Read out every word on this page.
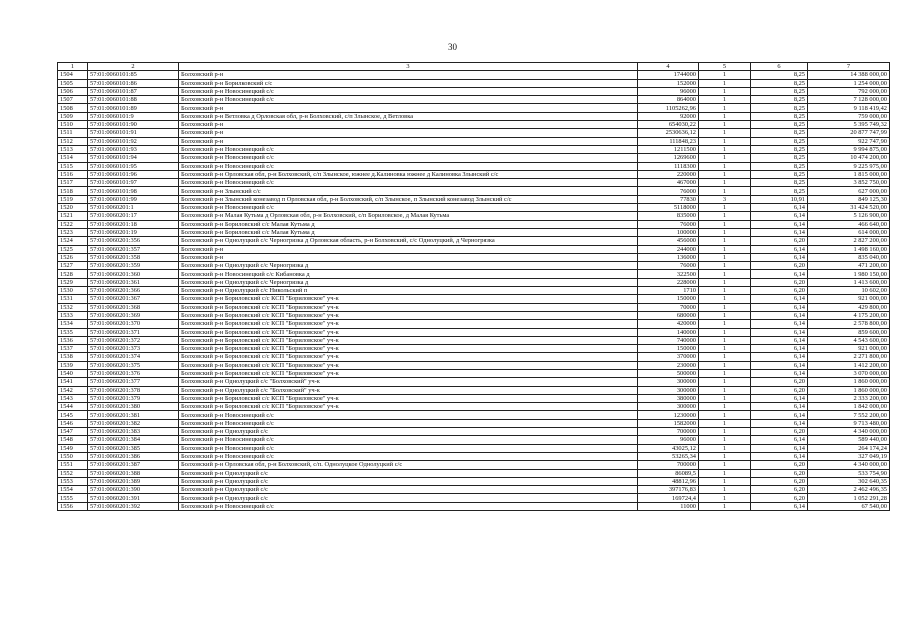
30
1	2	3	4	5	6	7
1504	57:01:0060101:85	Болховский р-н	1744000	1	8,25	14 388 000,00
1505	57:01:0060101:86	Болховский р-н Борилковский с/с	152000	1	8,25	1 254 000,00
1506	57:01:0060101:87	Болховский р-н Новосинецкий с/с	96000	1	8,25	792 000,00
1507	57:01:0060101:88	Болховский р-н Новосинецкий с/с	864000	1	8,25	7 128 000,00
1508	57:01:0060101:89	Болховский р-н	1105262,96	1	8,25	9 118 419,42
1509	57:01:0060101:9	Болховский р-н Ветловка д Орловская обл, р-н Болховский, с/п Злынское, д Ветловка	92000	1	8,25	759 000,00
1510	57:01:0060101:90	Болховский р-н	654030,22	1	8,25	5 395 749,32
1511	57:01:0060101:91	Болховский р-н	2530636,12	1	8,25	20 877 747,99
1512	57:01:0060101:92	Болховский р-н	111848,23	1	8,25	922 747,90
1513	57:01:0060101:93	Болховский р-н Новосинецкий с/с	1211500	1	8,25	9 994 875,00
1514	57:01:0060101:94	Болховский р-н Новосинецкий с/с	1269600	1	8,25	10 474 200,00
1515	57:01:0060101:95	Болховский р-н Новосинецкий с/с	1118300	1	8,25	9 225 975,00
1516	57:01:0060101:96	Болховский р-н Орловская обл, р-н Болховский, с/п Злынское, южнее д.Калиновка южнее д Калиновка Злынский с/с	220000	1	8,25	1 815 000,00
1517	57:01:0060101:97	Болховский р-н Новосинецкий с/с	467000	1	8,25	3 852 750,00
1518	57:01:0060101:98	Болховский р-н Злынский с/с	76000	1	8,25	627 000,00
1519	57:01:0060101:99	Болховский р-н Злынский конезавод п Орловская обл, р-н Болховский, с/п Злынское, п Злынский конезавод Злынский с/с	77830	3	10,91	849 125,30
1520	57:01:0060201:1	Болховский р-н Новосинецкий с/с	5118000	1	6,14	31 424 520,00
1521	57:01:0060201:17	Болховский р-н Малая Кутьма д Орловская обл, р-н Болховский, с/п Бориловское, д Малая Кутьма	835000	1	6,14	5 126 900,00
1522	57:01:0060201:18	Болховский р-н Бориловский с/с Малая Кутьма д	76000	1	6,14	466 640,00
1523	57:01:0060201:19	Болховский р-н Бориловский с/с Малая Кутьма д	100000	1	6,14	614 000,00
1524	57:01:0060201:356	Болховский р-н Однолуцкий с/с Черногрязка д Орловская область, р-н Болховский, с/с Однолуцкий, д Черногрязка	456000	1	6,20	2 827 200,00
1525	57:01:0060201:357	Болховский р-н	244000	1	6,14	1 498 160,00
1526	57:01:0060201:358	Болховский р-н	136000	1	6,14	835 040,00
1527	57:01:0060201:359	Болховский р-н Однолуцкий с/с Черногрязка д	76000	1	6,20	471 200,00
1528	57:01:0060201:360	Болховский р-н Новосинецкий с/с Кибановка д	322500	1	6,14	1 980 150,00
1529	57:01:0060201:361	Болховский р-н Однолуцкий с/с Черногрязка д	228000	1	6,20	1 413 600,00
1530	57:01:0060201:366	Болховский р-н Однолуцкий с/с Никольский п	1710	1	6,20	10 602,00
1531	57:01:0060201:367	Болховский р-н Бориловский с/с КСП "Бориловское" уч-к	150000	1	6,14	921 000,00
1532	57:01:0060201:368	Болховский р-н Бориловский с/с КСП "Бориловское" уч-к	70000	1	6,14	429 800,00
1533	57:01:0060201:369	Болховский р-н Бориловский с/с КСП "Бориловское" уч-к	680000	1	6,14	4 175 200,00
1534	57:01:0060201:370	Болховский р-н Бориловский с/с КСП "Бориловское" уч-к	420000	1	6,14	2 578 800,00
1535	57:01:0060201:371	Болховский р-н Бориловский с/с КСП "Бориловское" уч-к	140000	1	6,14	859 600,00
1536	57:01:0060201:372	Болховский р-н Бориловский с/с КСП "Бориловское" уч-к	740000	1	6,14	4 543 600,00
1537	57:01:0060201:373	Болховский р-н Бориловский с/с КСП "Бориловское" уч-к	150000	1	6,14	921 000,00
1538	57:01:0060201:374	Болховский р-н Бориловский с/с КСП "Бориловское" уч-к	370000	1	6,14	2 271 800,00
1539	57:01:0060201:375	Болховский р-н Бориловский с/с КСП "Бориловское" уч-к	230000	1	6,14	1 412 200,00
1540	57:01:0060201:376	Болховский р-н Бориловский с/с КСП "Бориловское" уч-к	500000	1	6,14	3 070 000,00
1541	57:01:0060201:377	Болховский р-н Однолуцкий с/с "Болховский" уч-к	300000	1	6,20	1 860 000,00
1542	57:01:0060201:378	Болховский р-н Однолуцкий с/с "Болховский" уч-к	300000	1	6,20	1 860 000,00
1543	57:01:0060201:379	Болховский р-н Бориловский с/с КСП "Бориловское" уч-к	380000	1	6,14	2 333 200,00
1544	57:01:0060201:380	Болховский р-н Бориловский с/с КСП "Бориловское" уч-к	300000	1	6,14	1 842 000,00
1545	57:01:0060201:381	Болховский р-н Новосинецкий с/с	1230000	1	6,14	7 552 200,00
1546	57:01:0060201:382	Болховский р-н Новосинецкий с/с	1582000	1	6,14	9 713 480,00
1547	57:01:0060201:383	Болховский р-н Однолуцкий с/с	700000	1	6,20	4 340 000,00
1548	57:01:0060201:384	Болховский р-н Новосинецкий с/с	96000	1	6,14	589 440,00
1549	57:01:0060201:385	Болховский р-н Новосинецкий с/с	43025,12	1	6,14	264 174,24
1550	57:01:0060201:386	Болховский р-н Новосинецкий с/с	53265,34	1	6,14	327 049,19
1551	57:01:0060201:387	Болховский р-н Орловская обл, р-н Болховский, с/п. Однолуцкое Однолуцкий с/с	700000	1	6,20	4 340 000,00
1552	57:01:0060201:388	Болховский р-н Однолуцкий с/с	86089,5	1	6,20	533 754,90
1553	57:01:0060201:389	Болховский р-н Однолуцкий с/с	48812,96	1	6,20	302 640,35
1554	57:01:0060201:390	Болховский р-н Однолуцкий с/с	397176,83	1	6,20	2 462 496,35
1555	57:01:0060201:391	Болховский р-н Однолуцкий с/с	169724,4	1	6,20	1 052 291,28
1556	57:01:0060201:392	Болховский р-н Новосинецкий с/с	11000	1	6,14	67 540,00
